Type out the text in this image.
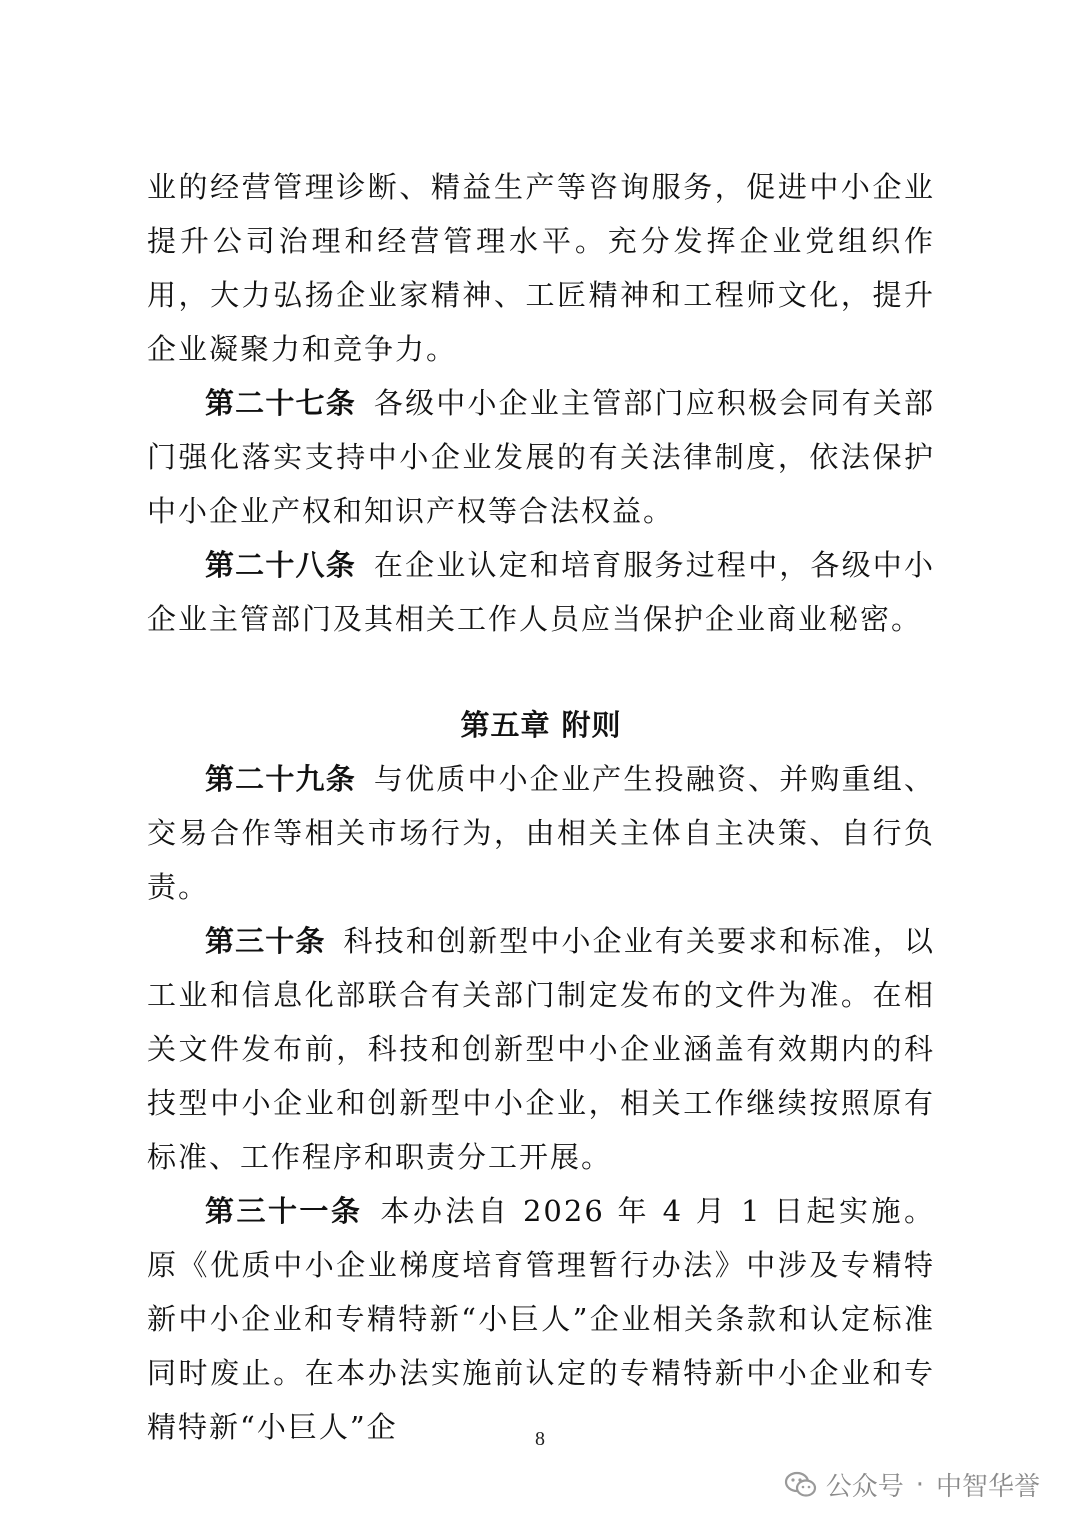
业的经营管理诊断、精益生产等咨询服务，促进中小企业提升公司治理和经营管理水平。充分发挥企业党组织作用，大力弘扬企业家精神、工匠精神和工程师文化，提升企业凝聚力和竞争力。

第二十七条 各级中小企业主管部门应积极会同有关部门强化落实支持中小企业发展的有关法律制度，依法保护中小企业产权和知识产权等合法权益。

第二十八条 在企业认定和培育服务过程中，各级中小企业主管部门及其相关工作人员应当保护企业商业秘密。

第五章 附则

第二十九条 与优质中小企业产生投融资、并购重组、交易合作等相关市场行为，由相关主体自主决策、自行负责。

第三十条 科技和创新型中小企业有关要求和标准，以工业和信息化部联合有关部门制定发布的文件为准。在相关文件发布前，科技和创新型中小企业涵盖有效期内的科技型中小企业和创新型中小企业，相关工作继续按照原有标准、工作程序和职责分工开展。

第三十一条 本办法自 2026 年 4 月 1 日起实施。原《优质中小企业梯度培育管理暂行办法》中涉及专精特新中小企业和专精特新“小巨人”企业相关条款和认定标准同时废止。在本办法实施前认定的专精特新中小企业和专精特新“小巨人”企	8
公众号 · 中智华誉
